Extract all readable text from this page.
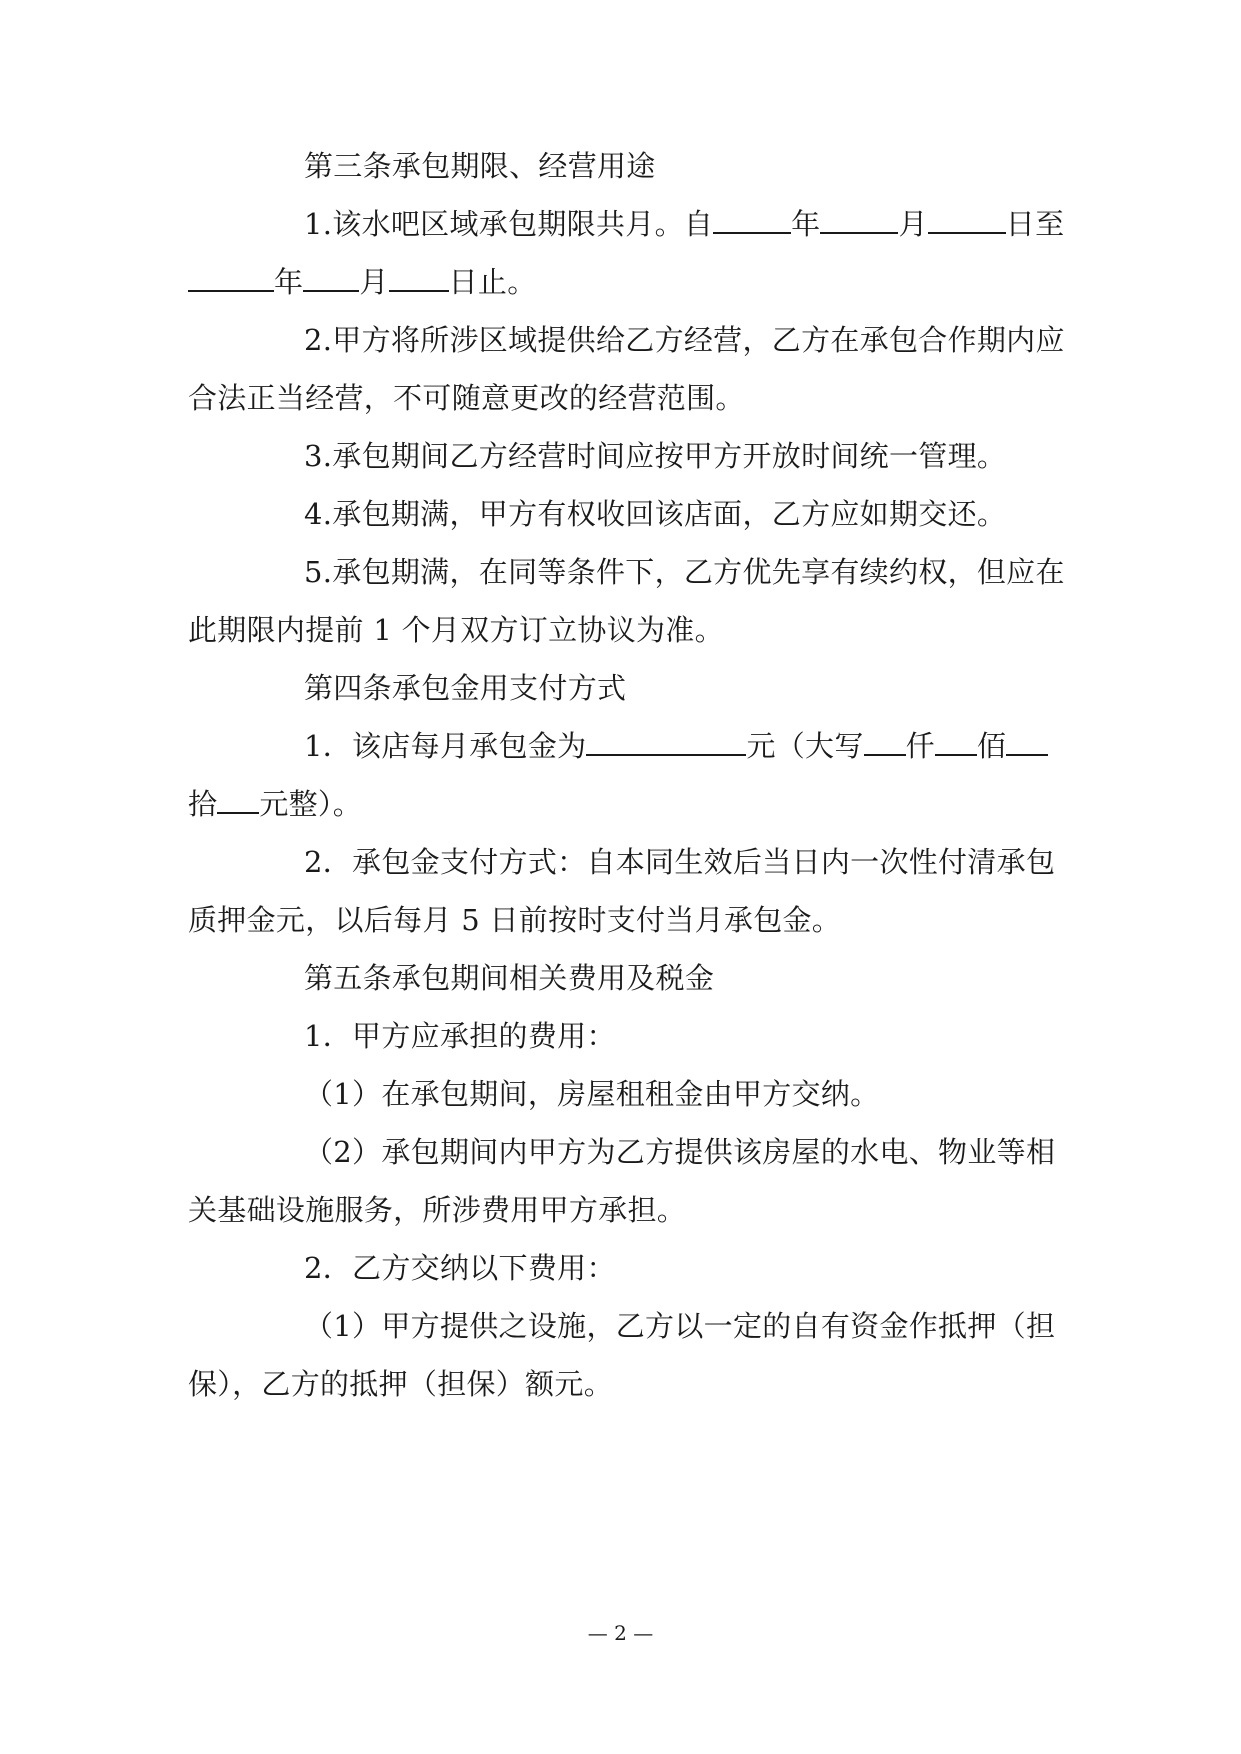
第三条承包期限、经营用途
1.该水吧区域承包期限共月。自	年	月	日至
年 月 日止。
2.甲方将所涉区域提供给乙方经营，乙方在承包合作期内应
合法正当经营，不可随意更改的经营范围。
3.承包期间乙方经营时间应按甲方开放时间统一管理。
4.承包期满，甲方有权收回该店面，乙方应如期交还。
5.承包期满，在同等条件下，乙方优先享有续约权，但应在
此期限内提前 1 个月双方订立协议为准。
第四条承包金用支付方式
1．该店每月承包金为	元（大写 仟 佰
拾 元整）。
2．承包金支付方式：自本同生效后当日内一次性付清承包
质押金元，以后每月 5 日前按时支付当月承包金。
第五条承包期间相关费用及税金
1．甲方应承担的费用：
（1）在承包期间，房屋租租金由甲方交纳。
（2）承包期间内甲方为乙方提供该房屋的水电、物业等相
关基础设施服务，所涉费用甲方承担。
2．乙方交纳以下费用：
（1）甲方提供之设施，乙方以一定的自有资金作抵押（担
保），乙方的抵押（担保）额元。
— 2 —
